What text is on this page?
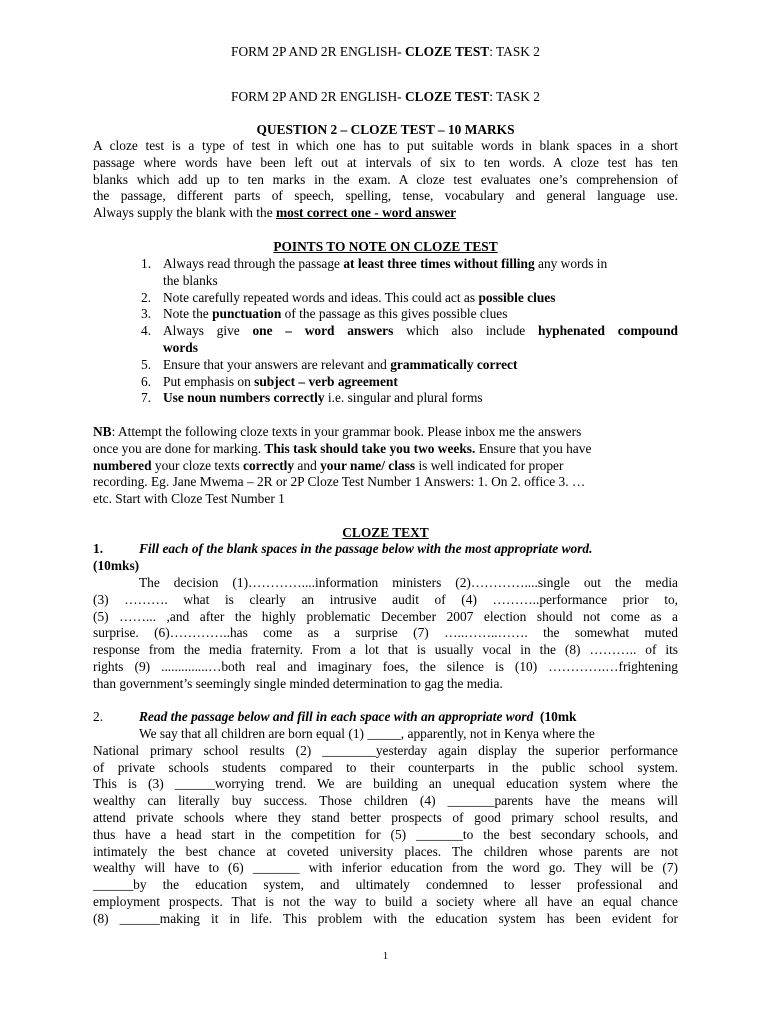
FORM 2P AND 2R ENGLISH- CLOZE TEST: TASK 2
FORM 2P AND 2R ENGLISH- CLOZE TEST: TASK 2
QUESTION 2 – CLOZE TEST – 10 MARKS
A cloze test is a type of test in which one has to put suitable words in blank spaces in a short
passage where words have been left out at intervals of six to ten words. A cloze test has ten
blanks which add up to ten marks in the exam. A cloze test evaluates one’s comprehension of
the passage, different parts of speech, spelling, tense, vocabulary and general language use.
Always supply the blank with the most correct one - word answer
POINTS TO NOTE ON CLOZE TEST
1. Always read through the passage at least three times without filling any words in
the blanks
2. Note carefully repeated words and ideas. This could act as possible clues
3. Note the punctuation of the passage as this gives possible clues
4. Always give one – word answers which also include hyphenated compound
words
5. Ensure that your answers are relevant and grammatically correct
6. Put emphasis on subject – verb agreement
7. Use noun numbers correctly i.e. singular and plural forms
NB: Attempt the following cloze texts in your grammar book. Please inbox me the answers
once you are done for marking. This task should take you two weeks. Ensure that you have
numbered your cloze texts correctly and your name/ class is well indicated for proper
recording. Eg. Jane Mwema – 2R or 2P Cloze Test Number 1 Answers: 1. On 2. office 3. …
etc. Start with Cloze Test Number 1
CLOZE TEXT
1.	Fill each of the blank spaces in the passage below with the most appropriate word.
(10mks)
The decision (1)…………....information ministers (2)…………....single out the media
(3) ………. what is clearly an intrusive audit of (4) ………..performance prior to,
(5) ……... ,and after the highly problematic December 2007 election should not come as a
surprise. (6)…………..has come as a surprise (7) …..……..……. the somewhat muted
response from the media fraternity. From a lot that is usually vocal in the (8) ……….. of its
rights (9) ..............…both real and imaginary foes, the silence is (10) ………….…frightening
than government’s seemingly single minded determination to gag the media.
2.	Read the passage below and fill in each space with an appropriate word (10mk
We say that all children are born equal (1) _____, apparently, not in Kenya where the
National primary school results (2) ________yesterday again display the superior performance
of private schools students compared to their counterparts in the public school system.
This is (3) ______worrying trend. We are building an unequal education system where the
wealthy can literally buy success. Those children (4) _______parents have the means will
attend private schools where they stand better prospects of good primary school results, and
thus have a head start in the competition for (5) _______to the best secondary schools, and
intimately the best chance at coveted university places. The children whose parents are not
wealthy will have to (6) _______ with inferior education from the word go. They will be (7)
______by the education system, and ultimately condemned to lesser professional and
employment prospects. That is not the way to build a society where all have an equal chance
(8) ______making it in life. This problem with the education system has been evident for
1
